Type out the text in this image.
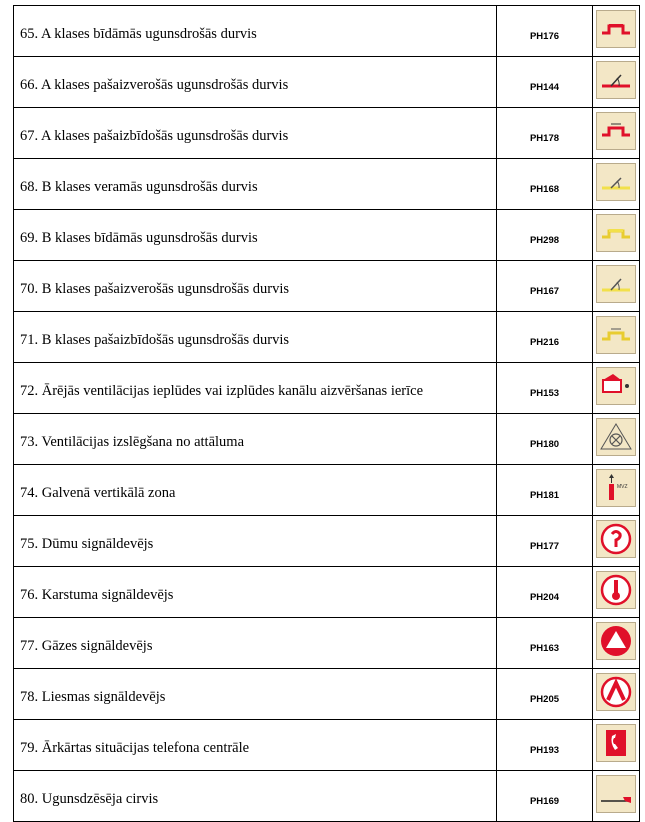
65. A klases bīdāmās ugunsdrošās durvis	PH176	

66. A klases pašaizverošās ugunsdrošās durvis	PH144	

67. A klases pašaizbīdošās ugunsdrošās durvis	PH178	

68. B klases veramās ugunsdrošās durvis	PH168	

69. B klases bīdāmās ugunsdrošās durvis	PH298	

70. B klases pašaizverošās ugunsdrošās durvis	PH167	

71. B klases pašaizbīdošās ugunsdrošās durvis	PH216	

72. Ārējās ventilācijas ieplūdes vai izplūdes kanālu aizvēršanas ierīce	PH153	

73. Ventilācijas izslēgšana no attāluma	PH180	

74. Galvenā vertikālā zona	PH181	MVZ

75. Dūmu signāldevējs	PH177	

76. Karstuma signāldevējs	PH204	

77. Gāzes signāldevējs	PH163	

78. Liesmas signāldevējs	PH205	

79. Ārkārtas situācijas telefona centrāle	PH193	

80. Ugunsdzēsēja cirvis	PH169	
